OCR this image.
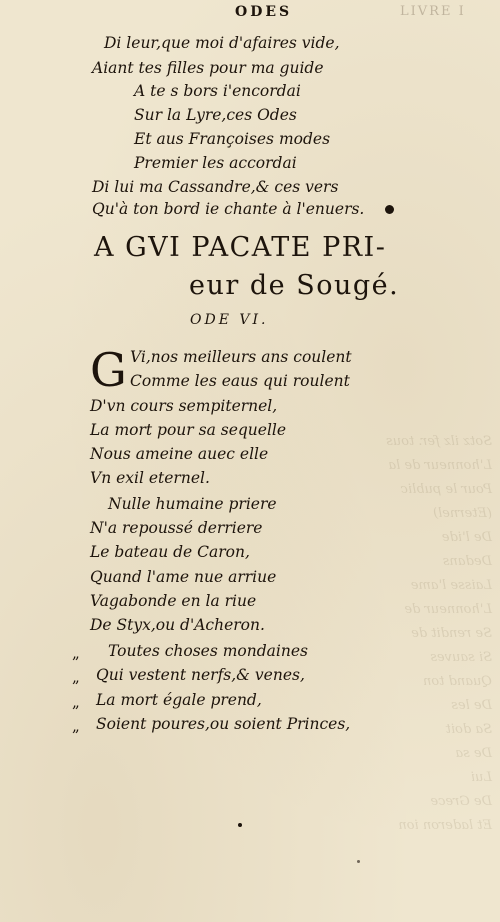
Sotz ilz fer. tous
L'honneur de la
Pour le public
(Eternel)
De l'ide
Dedans
Laisse l'ame
L'honneur de
Se rendit de
Si sauves
Quand ton
De les
Sa doit
De sa
Lui
De Grece
Et laderon ion
ODES	LIVRE I
Di leur,que moi d'afaires vide,
Aiant tes filles pour ma guide
A te s bors i'encordai
Sur la Lyre,ces Odes
Et aus Françoises modes
Premier les accordai
Di lui ma Cassandre,& ces vers
Qu'à ton bord ie chante à l'enuers.
A GVI PACATE PRI-
eur de Sougé.
ODE VI.
G Vi,nos meilleurs ans coulent
Comme les eaus qui roulent
D'vn cours sempiternel,
La mort pour sa sequelle
Nous ameine auec elle
Vn exil eternel.
Nulle humaine priere
N'a repoussé derriere
Le bateau de Caron,
Quand l'ame nue arriue
Vagabonde en la riue
De Styx,ou d'Acheron.
Toutes choses mondaines
Qui vestent nerfs,& venes,
La mort égale prend,
Soient poures,ou soient Princes,
„
„
„
„
